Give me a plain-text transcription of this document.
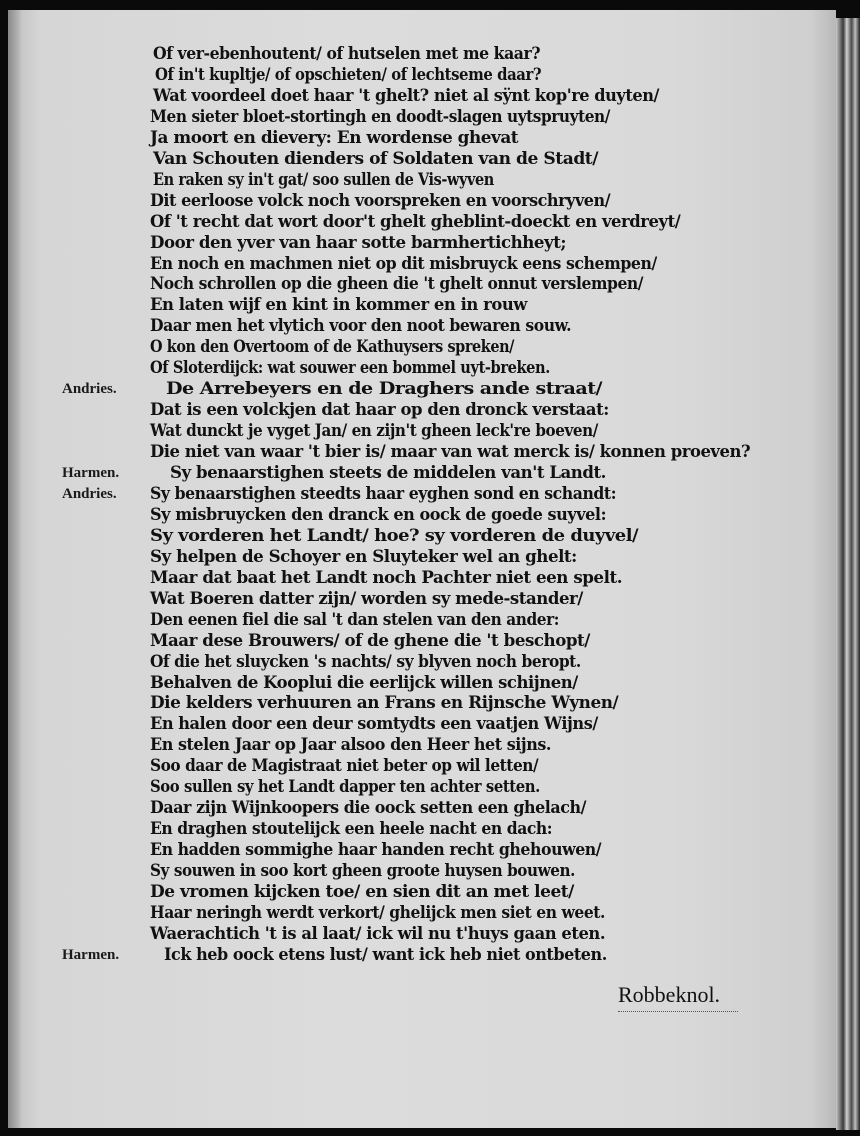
Of ver-ebenhoutent/ of hutselen met me kaar?
Of in't kupltje/ of opschieten/ of lechtseme daar?
Wat voordeel doet haar 't ghelt? niet al sÿnt kop're duyten/
Men sieter bloet-stortingh en doodt-slagen uytspruyten/
Ja moort en dievery: En wordense ghevat
Van Schouten dienders of Soldaten van de Stadt/
En raken sy in't gat/ soo sullen de Vis-wyven
Dit eerloose volck noch voorspreken en voorschryven/
Of 't recht dat wort door't ghelt gheblint-doeckt en verdreyt/
Door den yver van haar sotte barmhertichheyt;
En noch en machmen niet op dit misbruyck eens schempen/
Noch schrollen op die gheen die 't ghelt onnut verslempen/
En laten wijf en kint in kommer en in rouw
Daar men het vlytich voor den noot bewaren souw.
O kon den Overtoom of de Kathuysers spreken/
Of Sloterdijck: wat souwer een bommel uyt-breken.
Andries.	De Arrebeyers en de Draghers ande straat/
Dat is een volckjen dat haar op den dronck verstaat:
Wat dunckt je vyget Jan/ en zijn't gheen leck're boeven/
Die niet van waar 't bier is/ maar van wat merck is/ konnen proeven?
Harmen.	Sy benaarstighen steets de middelen van't Landt.
Andries. Sy benaarstighen steedts haar eyghen sond en schandt:
Sy misbruycken den dranck en oock de goede suyvel:
Sy vorderen het Landt/ hoe? sy vorderen de duyvel/
Sy helpen de Schoyer en Sluyteker wel an ghelt:
Maar dat baat het Landt noch Pachter niet een spelt.
Wat Boeren datter zijn/ worden sy mede-stander/
Den eenen fiel die sal 't dan stelen van den ander:
Maar dese Brouwers/ of de ghene die 't beschopt/
Of die het sluycken 's nachts/ sy blyven noch beropt.
Behalven de Kooplui die eerlijck willen schijnen/
Die kelders verhuuren an Frans en Rijnsche Wynen/
En halen door een deur somtydts een vaatjen Wijns/
En stelen Jaar op Jaar alsoo den Heer het sijns.
Soo daar de Magistraat niet beter op wil letten/
Soo sullen sy het Landt dapper ten achter setten.
Daar zijn Wijnkoopers die oock setten een ghelach/
En draghen stoutelijck een heele nacht en dach:
En hadden sommighe haar handen recht ghehouwen/
Sy souwen in soo kort gheen groote huysen bouwen.
De vromen kijcken toe/ en sien dit an met leet/
Haar neringh werdt verkort/ ghelijck men siet en weet.
Waerachtich 't is al laat/ ick wil nu t'huys gaan eten.
Harmen.	Ick heb oock etens lust/ want ick heb niet ontbeten.
Robbeknol.
